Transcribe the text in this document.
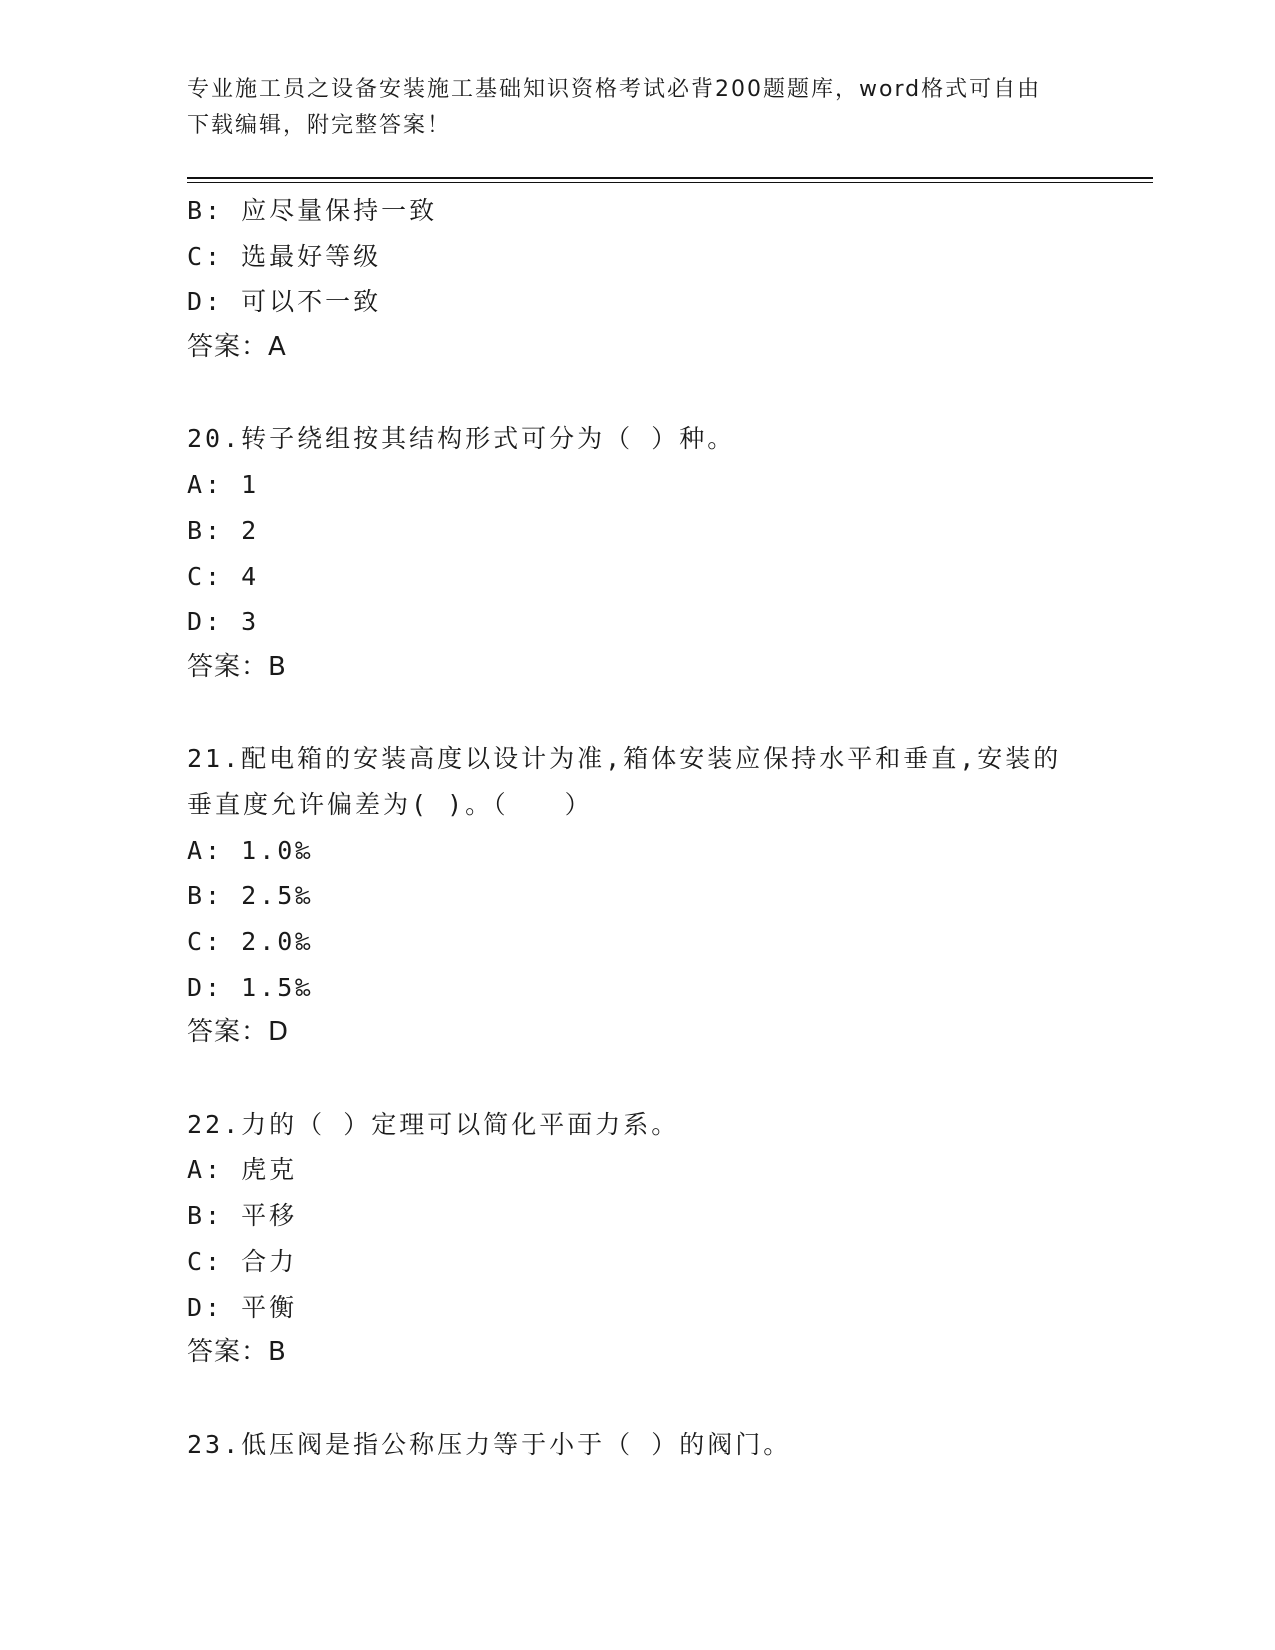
专业施工员之设备安装施工基础知识资格考试必背200题题库，word格式可自由
下载编辑，附完整答案！
B: 应尽量保持一致
C: 选最好等级
D: 可以不一致
答案：A
20.转子绕组按其结构形式可分为（ ）种。
A: 1
B: 2
C: 4
D: 3
答案：B
21.配电箱的安装高度以设计为准,箱体安装应保持水平和垂直,安装的
垂直度允许偏差为( )。（　　）
A: 1.0‰
B: 2.5‰
C: 2.0‰
D: 1.5‰
答案：D
22.力的（ ）定理可以简化平面力系。
A: 虎克
B: 平移
C: 合力
D: 平衡
答案：B
23.低压阀是指公称压力等于小于（ ）的阀门。
